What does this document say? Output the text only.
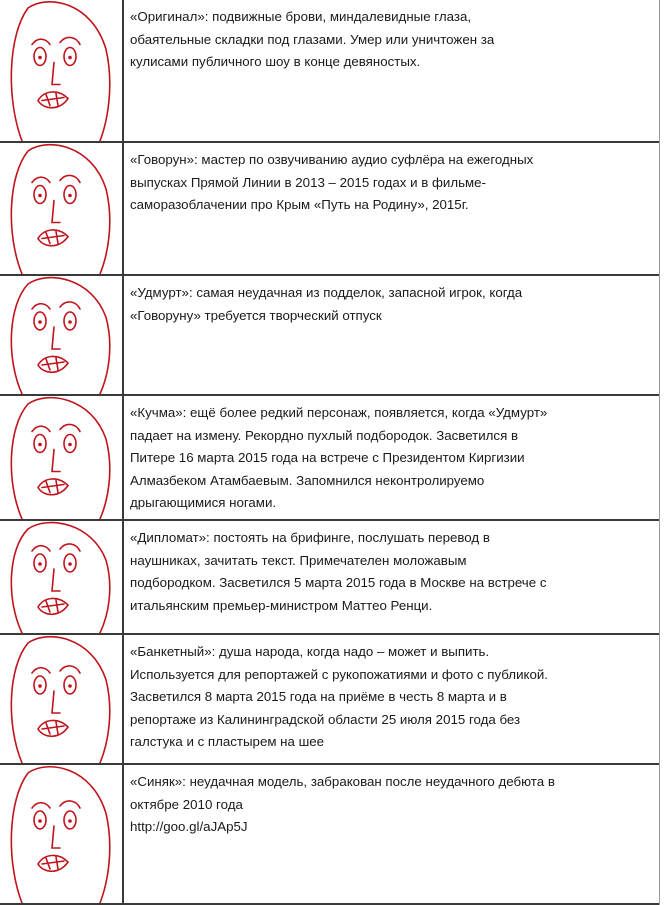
«Оригинал»: подвижные брови, миндалевидные глаза,
обаятельные складки под глазами. Умер или уничтожен за
кулисами публичного шоу в конце девяностых.
«Говорун»: мастер по озвучиванию аудио суфлёра на ежегодных
выпусках Прямой Линии в 2013 – 2015 годах и в фильме-
саморазоблачении про Крым «Путь на Родину», 2015г.
«Удмурт»: самая неудачная из подделок, запасной игрок, когда
«Говоруну» требуется творческий отпуск
«Кучма»: ещё более редкий персонаж, появляется, когда «Удмурт»
падает на измену. Рекордно пухлый подбородок. Засветился в
Питере 16 марта 2015 года на встрече с Президентом Киргизии
Алмазбеком Атамбаевым. Запомнился неконтролируемо
дрыгающимися ногами.
«Дипломат»: постоять на брифинге, послушать перевод в
наушниках, зачитать текст. Примечателен моложавым
подбородком. Засветился 5 марта 2015 года в Москве на встрече с
итальянским премьер-министром Маттео Ренци.
«Банкетный»: душа народа, когда надо – может и выпить.
Используется для репортажей с рукопожатиями и фото с публикой.
Засветился 8 марта 2015 года на приёме в честь 8 марта и в
репортаже из Калининградской области 25 июля 2015 года без
галстука и с пластырем на шее
«Синяк»: неудачная модель, забракован после неудачного дебюта в
октябре 2010 года
http://goo.gl/aJAp5J
